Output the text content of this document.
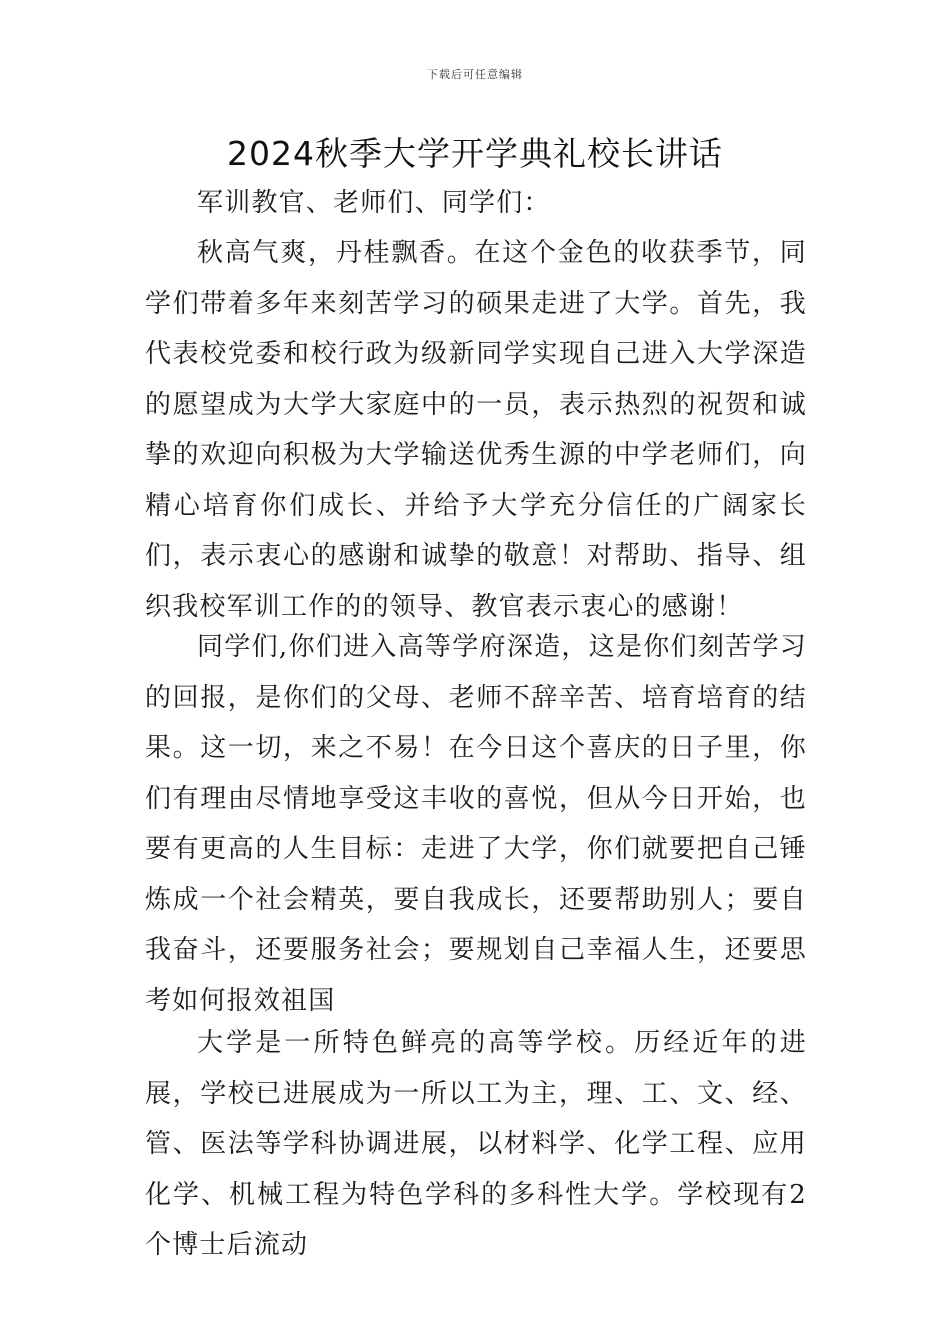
下载后可任意编辑
2024秋季大学开学典礼校长讲话

军训教官、老师们、同学们：

秋高气爽，丹桂飘香。在这个金色的收获季节，同学们带着多年来刻苦学习的硕果走进了大学。首先，我代表校党委和校行政为级新同学实现自己进入大学深造的愿望成为大学大家庭中的一员，表示热烈的祝贺和诚挚的欢迎向积极为大学输送优秀生源的中学老师们，向精心培育你们成长、并给予大学充分信任的广阔家长们，表示衷心的感谢和诚挚的敬意！对帮助、指导、组织我校军训工作的的领导、教官表示衷心的感谢！

同学们,你们进入高等学府深造，这是你们刻苦学习的回报，是你们的父母、老师不辞辛苦、培育培育的结果。这一切，来之不易！在今日这个喜庆的日子里，你们有理由尽情地享受这丰收的喜悦，但从今日开始，也要有更高的人生目标：走进了大学，你们就要把自己锤炼成一个社会精英，要自我成长，还要帮助别人；要自我奋斗，还要服务社会；要规划自己幸福人生，还要思考如何报效祖国

大学是一所特色鲜亮的高等学校。历经近年的进展，学校已进展成为一所以工为主，理、工、文、经、管、医法等学科协调进展，以材料学、化学工程、应用化学、机械工程为特色学科的多科性大学。学校现有2个博士后流动
